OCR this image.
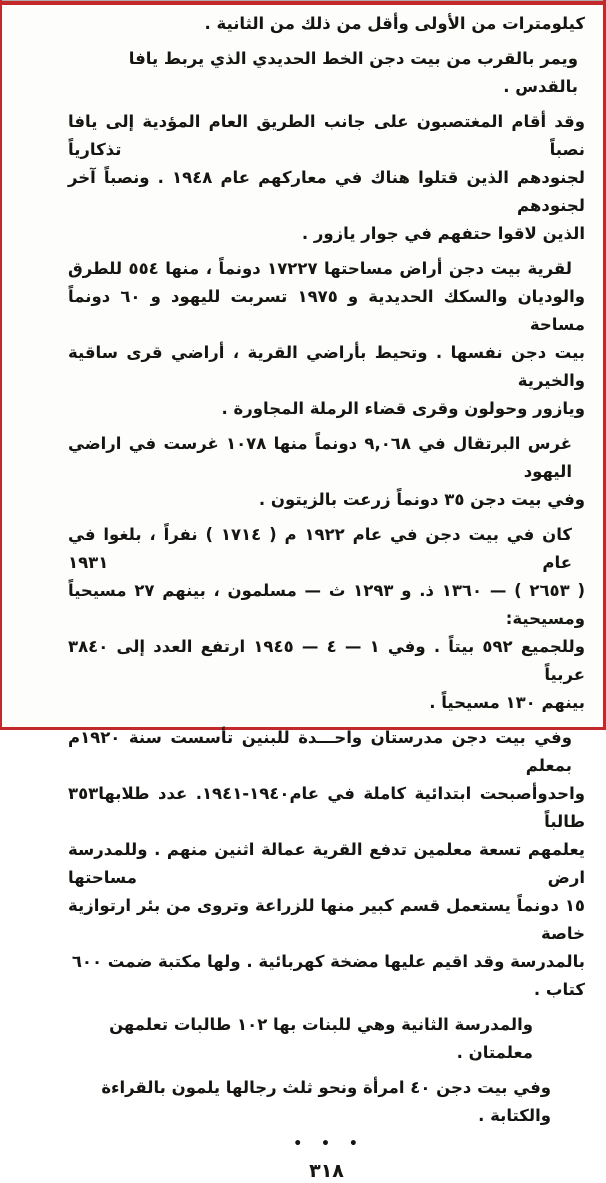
كيلومترات من الأولى وأقل من ذلك من الثانية .
ويمر بالقرب من بيت دجن الخط الحديدي الذي يربط يافا بالقدس .
وقد أقام المغتصبون على جانب الطريق العام المؤدية إلى يافا نصباً تذكارياً
لجنودهم الذين قتلوا هناك في معاركهم عام ١٩٤٨ . ونصباً آخر لجنودهم
الذين لاقوا حتفهم في جوار يازور .
لقرية بيت دجن أراض مساحتها ١٧٢٢٧ دونماً ، منها ٥٥٤ للطرق
والوديان والسكك الحديدية و ١٩٧٥ تسربت لليهود و ٦٠ دونماً مساحة
بيت دجن نفسها . وتحيط بأراضي القرية ، أراضي قرى ساقية والخيرية
ويازور وحولون وقرى قضاء الرملة المجاورة .
غرس البرتقال في ٩,٠٦٨ دونماً منها ١٠٧٨ غرست في اراضي اليهود
وفي بيت دجن ٣٥ دونماً زرعت بالزيتون .
كان في بيت دجن في عام ١٩٢٢ م ( ١٧١٤ ) نفراً ، بلغوا في عام ١٩٣١
( ٢٦٥٣ ) — ١٣٦٠ ذ. و ١٢٩٣ ث — مسلمون ، بينهم ٢٧ مسيحياً ومسيحية:
وللجميع ٥٩٢ بيتاً . وفي ١ — ٤ — ١٩٤٥ ارتفع العدد إلى ٣٨٤٠ عربياً
بينهم ١٣٠ مسيحياً .
وفي بيت دجن مدرستان واحـــدة للبنين تأسست سنة ١٩٢٠م بمعلم
واحدوأصبحت ابتدائية كاملة في عام١٩٤٠-١٩٤١. عدد طلابها٣٥٣ طالباً
يعلمهم تسعة معلمين تدفع القرية عمالة اثنين منهم . وللمدرسة ارض مساحتها
١٥ دونماً يستعمل قسم كبير منها للزراعة وتروى من بئر ارتوازية خاصة
بالمدرسة وقد اقيم عليها مضخة كهربائية . ولها مكتبة ضمت ٦٠٠ كتاب .
والمدرسة الثانية وهي للبنات بها ١٠٢ طالبات تعلمهن معلمتان .
وفي بيت دجن ٤٠ امرأة ونحو ثلث رجالها يلمون بالقراءة والكتابة .
• • •
٣١٨
